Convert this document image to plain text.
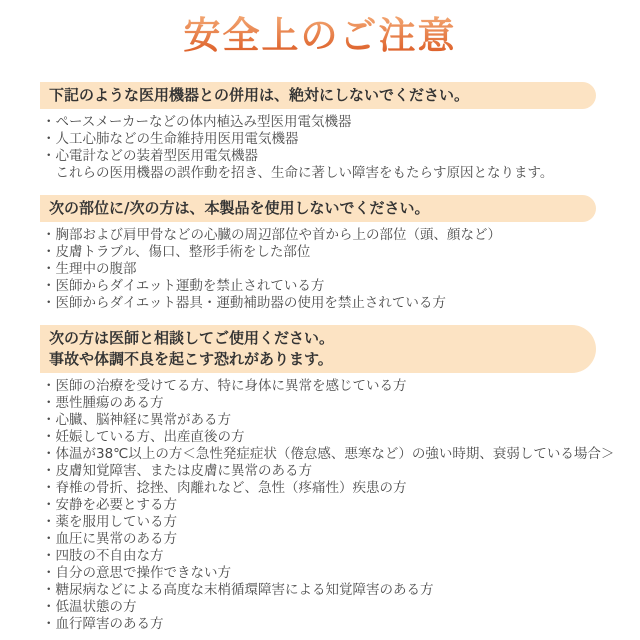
安全上のご注意
下記のような医用機器との併用は、絶対にしないでください。
・ペースメーカーなどの体内植込み型医用電気機器
・人工心肺などの生命維持用医用電気機器
・心電計などの装着型医用電気機器
　これらの医用機器の誤作動を招き、生命に著しい障害をもたらす原因となります。
次の部位に/次の方は、本製品を使用しないでください。
・胸部および肩甲骨などの心臓の周辺部位や首から上の部位（頭、顔など）
・皮膚トラブル、傷口、整形手術をした部位
・生理中の腹部
・医師からダイエット運動を禁止されている方
・医師からダイエット器具・運動補助器の使用を禁止されている方
次の方は医師と相談してご使用ください。
事故や体調不良を起こす恐れがあります。
・医師の治療を受けてる方、特に身体に異常を感じている方
・悪性腫瘍のある方
・心臓、脳神経に異常がある方
・妊娠している方、出産直後の方
・体温が38℃以上の方＜急性発症症状（倦怠感、悪寒など）の強い時期、衰弱している場合＞
・皮膚知覚障害、または皮膚に異常のある方
・脊椎の骨折、捻挫、肉離れなど、急性（疼痛性）疾患の方
・安静を必要とする方
・薬を服用している方
・血圧に異常のある方
・四肢の不自由な方
・自分の意思で操作できない方
・糖尿病などによる高度な末梢循環障害による知覚障害のある方
・低温状態の方
・血行障害のある方
